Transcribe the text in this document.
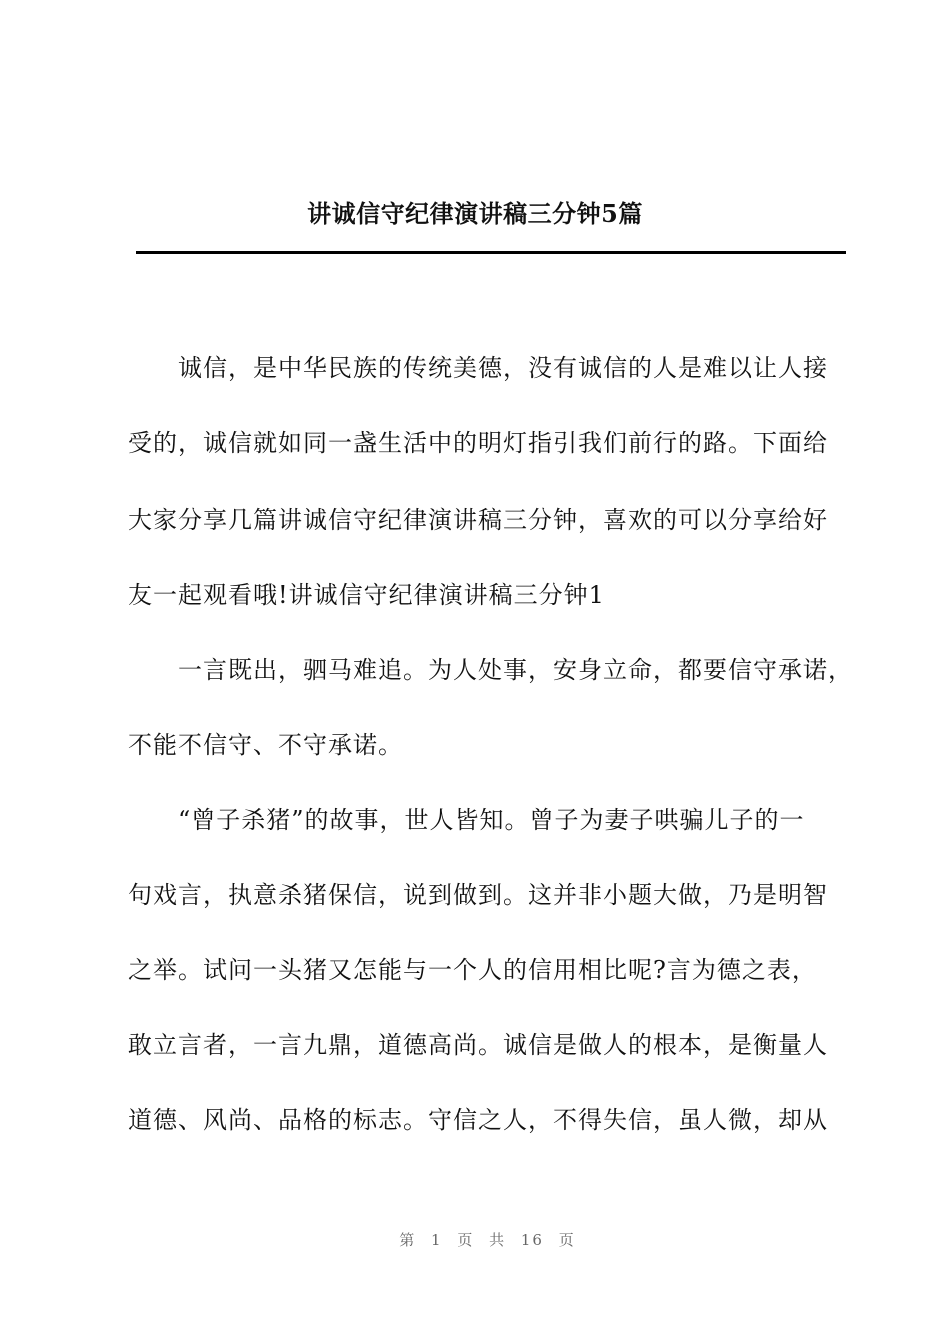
讲诚信守纪律演讲稿三分钟5篇
　　诚信，是中华民族的传统美德，没有诚信的人是难以让人接
受的，诚信就如同一盏生活中的明灯指引我们前行的路。下面给
大家分享几篇讲诚信守纪律演讲稿三分钟，喜欢的可以分享给好
友一起观看哦!讲诚信守纪律演讲稿三分钟1
　　一言既出，驷马难追。为人处事，安身立命，都要信守承诺，
不能不信守、不守承诺。
　　“曾子杀猪”的故事，世人皆知。曾子为妻子哄骗儿子的一
句戏言，执意杀猪保信，说到做到。这并非小题大做，乃是明智
之举。试问一头猪又怎能与一个人的信用相比呢?言为德之表，
敢立言者，一言九鼎，道德高尚。诚信是做人的根本，是衡量人
道德、风尚、品格的标志。守信之人，不得失信，虽人微，却从
第 1 页 共 16 页
